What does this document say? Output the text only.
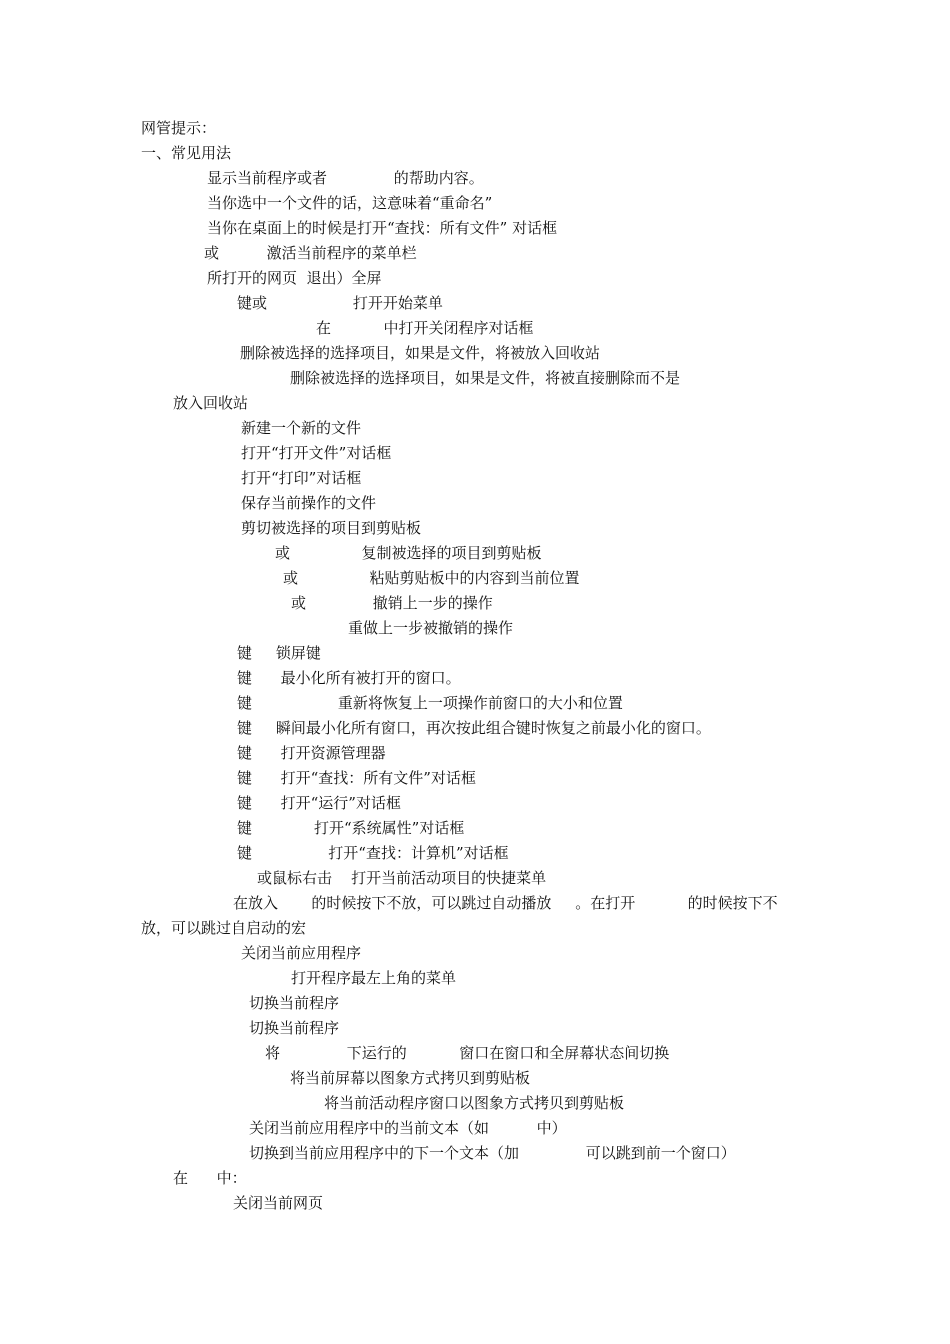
网管提示：
一、常见用法
显示当前程序或者              的帮助内容。
当你选中一个文件的话，这意味着“重命名”
当你在桌面上的时候是打开“查找：所有文件” 对话框
或          激活当前程序的菜单栏
所打开的网页  退出）全屏
键或                  打开开始菜单
在           中打开关闭程序对话框
删除被选择的选择项目，如果是文件，将被放入回收站
删除被选择的选择项目，如果是文件，将被直接删除而不是
放入回收站
新建一个新的文件
打开“打开文件”对话框
打开“打印”对话框
保存当前操作的文件
剪切被选择的项目到剪贴板
或               复制被选择的项目到剪贴板
或               粘贴剪贴板中的内容到当前位置
或              撤销上一步的操作
重做上一步被撤销的操作
键     锁屏键
键      最小化所有被打开的窗口。
键                  重新将恢复上一项操作前窗口的大小和位置
键     瞬间最小化所有窗口，再次按此组合键时恢复之前最小化的窗口。
键      打开资源管理器
键      打开“查找：所有文件”对话框
键      打开“运行”对话框
键             打开“系统属性”对话框
键                打开“查找：计算机”对话框
或鼠标右击    打开当前活动项目的快捷菜单
在放入       的时候按下不放，可以跳过自动播放     。在打开           的时候按下不
放，可以跳过自启动的宏
关闭当前应用程序
打开程序最左上角的菜单
切换当前程序
切换当前程序
将              下运行的           窗口在窗口和全屏幕状态间切换
将当前屏幕以图象方式拷贝到剪贴板
将当前活动程序窗口以图象方式拷贝到剪贴板
关闭当前应用程序中的当前文本（如          中）
切换到当前应用程序中的下一个文本（加              可以跳到前一个窗口）
在      中：
关闭当前网页
